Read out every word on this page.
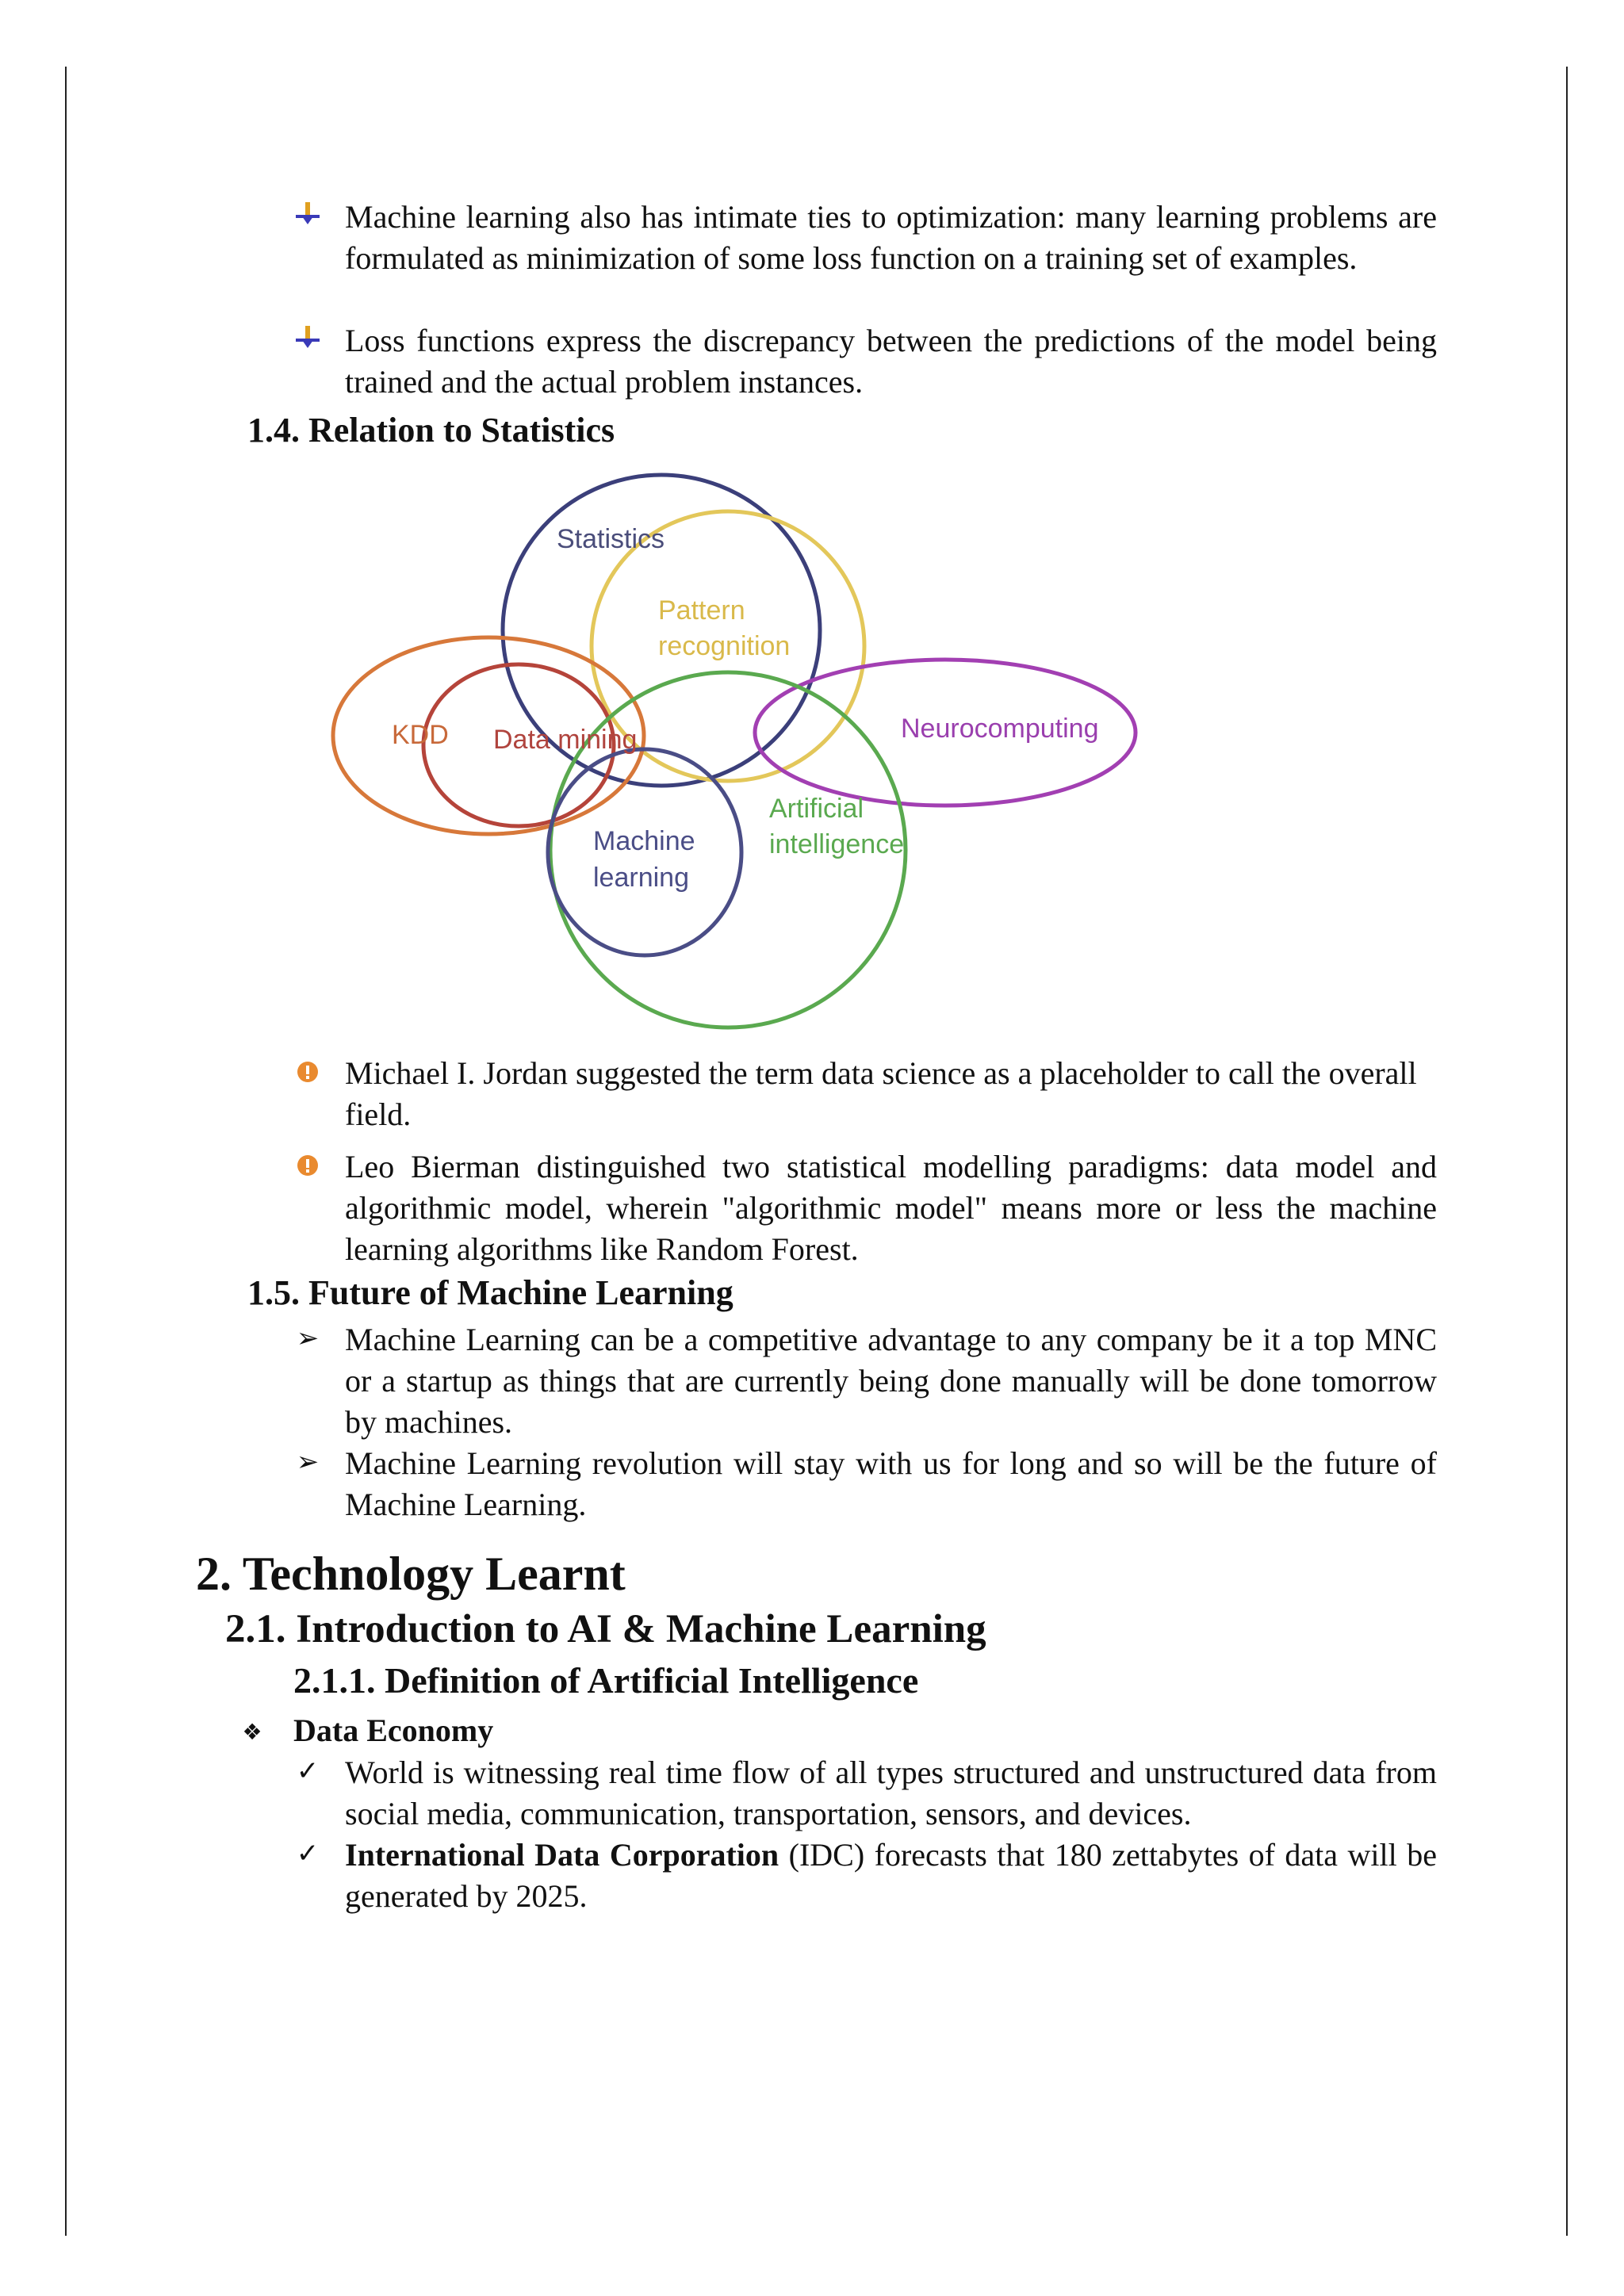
Machine learning also has intimate ties to optimization: many learning problems are formulated as minimization of some loss function on a training set of examples.
Loss functions express the discrepancy between the predictions of the model being trained and the actual problem instances.
1.4. Relation to Statistics
Statistics
Pattern
recognition
KDD Data mining	Neurocomputing
Artificial
intelligence
Machine
learning
Michael I. Jordan suggested the term data science as a placeholder to call the overall field.
Leo Bierman distinguished two statistical modelling paradigms: data model and algorithmic model, wherein "algorithmic model" means more or less the machine learning algorithms like Random Forest.
1.5. Future of Machine Learning
➢ Machine Learning can be a competitive advantage to any company be it a top MNC or a startup as things that are currently being done manually will be done tomorrow by machines.
➢ Machine Learning revolution will stay with us for long and so will be the future of Machine Learning.
2. Technology Learnt
2.1. Introduction to AI & Machine Learning
2.1.1. Definition of Artificial Intelligence
❖ Data Economy
✓ World is witnessing real time flow of all types structured and unstructured data from social media, communication, transportation, sensors, and devices.
✓ International Data Corporation (IDC) forecasts that 180 zettabytes of data will be generated by 2025.
